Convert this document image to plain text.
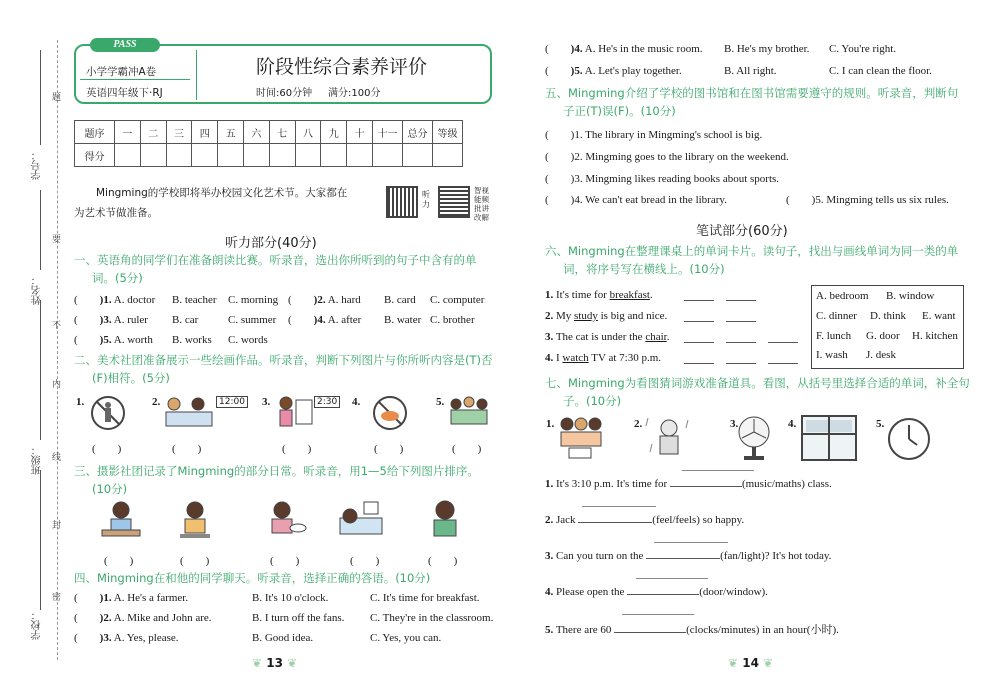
学校：
班级：
姓名：
学号：
题
要
不
内
线
封
密
PASS
小学学霸冲A卷
英语四年级下·RJ
阶段性综合素养评价
时间:60分钟 满分:100分
题序	一	二	三	四	五	六	七	八	九	十	十一	总分	等级
得分													
Mingming的学校即将举办校园文化艺术节。大家都在
为艺术节做准备。
听力
智视能频批讲改解
听力部分(40分)
一、英语角的同学们在准备朗读比赛。听录音，选出你所听到的句子中含有的单
词。(5分)
( )1. A. doctor B. teacher C. morning ( )2. A. hard B. card C. computer
( )3. A. ruler B. car	C. summer ( )4. A. after B. water C. brother
( )5. A. worth B. works C. words
二、美术社团准备展示一些绘画作品。听录音，判断下列图片与你所听内容是(T)否
(F)相符。(5分)
1.
(　　)
2.	12:00
(　　)
3.	2:30
(　　)
4.
(　　)
5.
(　　)
三、摄影社团记录了Mingming的部分日常。听录音，用1—5给下列图片排序。
(10分)
(　　)	(　　)	(　　)	(　　)	(　　)
四、Mingming在和他的同学聊天。听录音，选择正确的答语。(10分)
( )1. A. He's a farmer.	B. It's 10 o'clock.	C. It's time for breakfast.
( )2. A. Mike and John are.	B. I turn off the fans. C. They're in the classroom.
( )3. A. Yes, please.	B. Good idea.	C. Yes, you can.
❦ 13 ❦
( )4. A. He's in the music room. B. He's my brother. C. You're right.
( )5. A. Let's play together.	B. All right.	C. I can clean the floor.
五、Mingming介绍了学校的图书馆和在图书馆需要遵守的规则。听录音，判断句
子正(T)误(F)。(10分)
( )1. The library in Mingming's school is big.
( )2. Mingming goes to the library on the weekend.
( )3. Mingming likes reading books about sports.
( )4. We can't eat bread in the library.	( )5. Mingming tells us six rules.
笔试部分(60分)
六、Mingming在整理课桌上的单词卡片。读句子，找出与画线单词为同一类的单
词，将序号写在横线上。(10分)
1. It's time for breakfast.
2. My study is big and nice.
3. The cat is under the chair.
4. I watch TV at 7:30 p.m.
A. bedroom B. window
C. dinner D. think E. want
F. lunch G. door H. kitchen
I. wash J. desk
七、Mingming为看图猜词游戏准备道具。看图，从括号里选择合适的单词，补全句
子。(10分)
1.	2.	3.	4.	5.
1. It's 3:10 p.m. It's time for	(music/maths) class.
2. Jack	(feel/feels) so happy.
3. Can you turn on the	(fan/light)? It's hot today.
4. Please open the	(door/window).
5. There are 60	(clocks/minutes) in an hour(小时).
❦ 14 ❦
